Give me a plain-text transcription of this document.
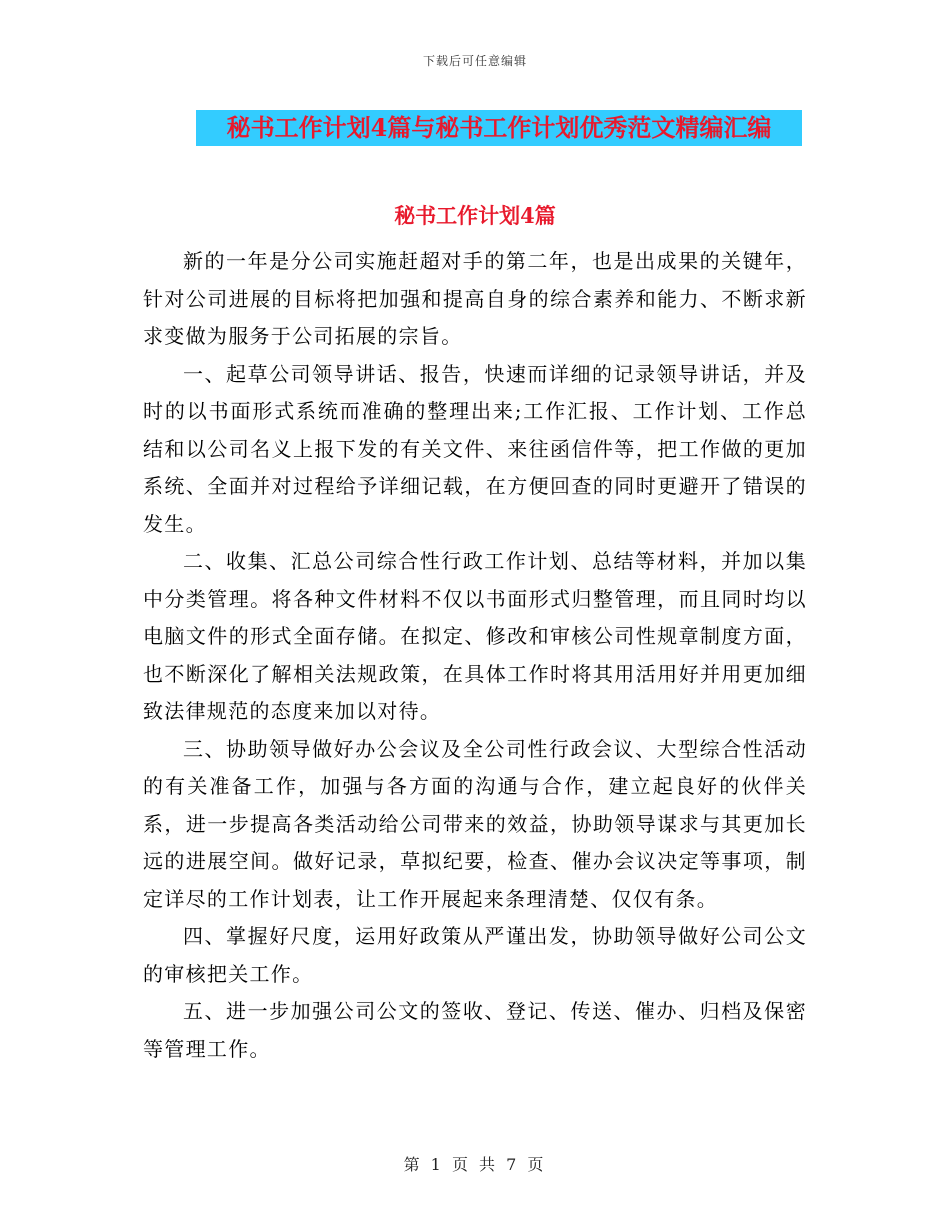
下载后可任意编辑
秘书工作计划4篇与秘书工作计划优秀范文精编汇编
秘书工作计划4篇

新的一年是分公司实施赶超对手的第二年，也是出成果的关键年，针对公司进展的目标将把加强和提高自身的综合素养和能力、不断求新求变做为服务于公司拓展的宗旨。

一、起草公司领导讲话、报告，快速而详细的记录领导讲话，并及时的以书面形式系统而准确的整理出来;工作汇报、工作计划、工作总结和以公司名义上报下发的有关文件、来往函信件等，把工作做的更加系统、全面并对过程给予详细记载，在方便回查的同时更避开了错误的发生。

二、收集、汇总公司综合性行政工作计划、总结等材料，并加以集中分类管理。将各种文件材料不仅以书面形式归整管理，而且同时均以电脑文件的形式全面存储。在拟定、修改和审核公司性规章制度方面，也不断深化了解相关法规政策，在具体工作时将其用活用好并用更加细致法律规范的态度来加以对待。

三、协助领导做好办公会议及全公司性行政会议、大型综合性活动的有关准备工作，加强与各方面的沟通与合作，建立起良好的伙伴关系，进一步提高各类活动给公司带来的效益，协助领导谋求与其更加长远的进展空间。做好记录，草拟纪要，检查、催办会议决定等事项，制定详尽的工作计划表，让工作开展起来条理清楚、仅仅有条。

四、掌握好尺度，运用好政策从严谨出发，协助领导做好公司公文的审核把关工作。

五、进一步加强公司公文的签收、登记、传送、催办、归档及保密等管理工作。

第 1 页 共 7 页
